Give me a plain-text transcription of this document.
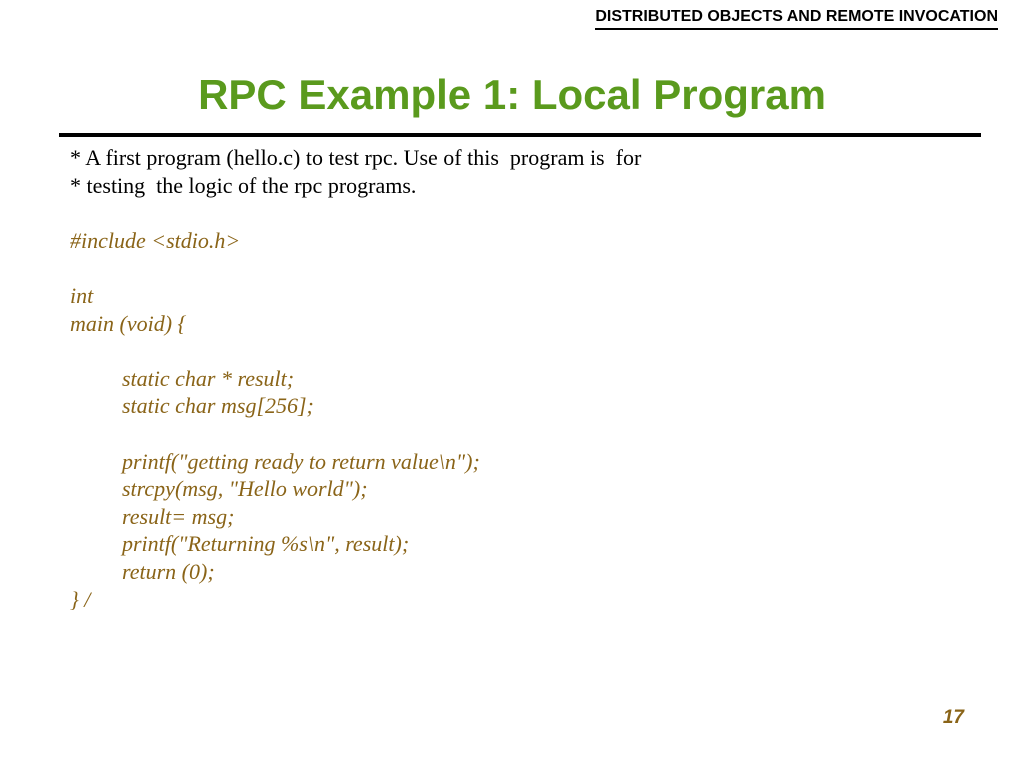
DISTRIBUTED OBJECTS AND REMOTE INVOCATION
RPC Example 1: Local Program
* A first program (hello.c) to test rpc. Use of this  program is  for
* testing  the logic of the rpc programs.
#include <stdio.h>
int
main (void) {
static char * result;
static char msg[256];
printf("getting ready to return value\n");
strcpy(msg, "Hello world");
result= msg;
printf("Returning %s\n", result);
return (0);
} /
17
